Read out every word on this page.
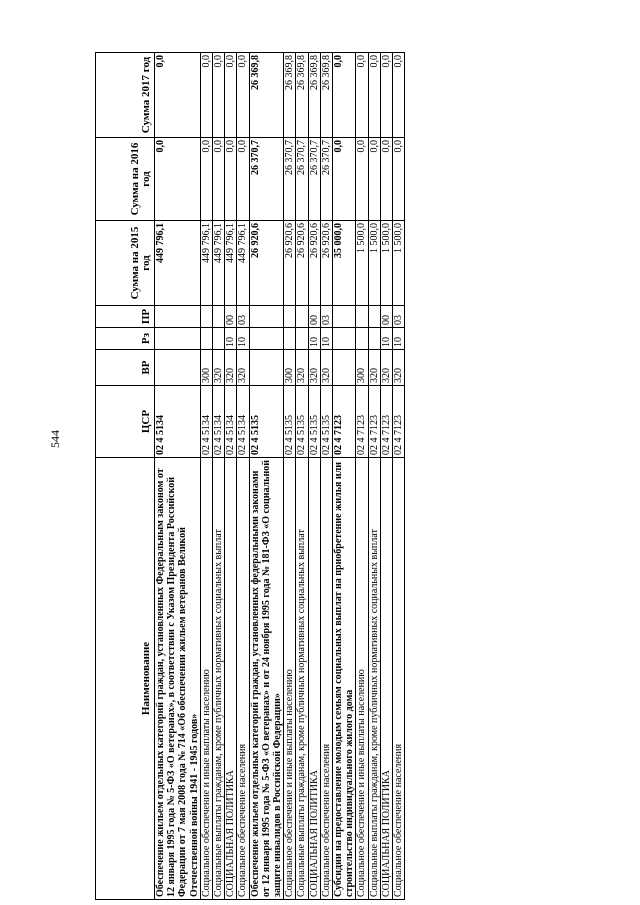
544
Наименование	ЦСР	ВР	Рз	ПР	Сумма на 2015 год	Сумма на 2016 год	Сумма 2017 год
Обеспечение жильем отдельных категорий граждан, установленных Федеральным законом от 12 января 1995 года № 5-ФЗ «О ветеранах», в соответствии с Указом Президента Российской Федерации от 7 мая 2008 года № 714 «Об обеспечении жильем ветеранов Великой Отечественной войны 1941 - 1945 годов»	02 4 5134				449 796,1	0,0	0,0
Социальное обеспечение и иные выплаты населению	02 4 5134	300			449 796,1	0,0	0,0
Социальные выплаты гражданам, кроме публичных нормативных социальных выплат	02 4 5134	320			449 796,1	0,0	0,0
СОЦИАЛЬНАЯ ПОЛИТИКА	02 4 5134	320	10	00	449 796,1	0,0	0,0
Социальное обеспечение населения	02 4 5134	320	10	03	449 796,1	0,0	0,0
Обеспечение жильем отдельных категорий граждан, установленных федеральными законами от 12 января 1995 года № 5-ФЗ «О ветеранах» и от 24 ноября 1995 года № 181-ФЗ «О социальной защите инвалидов в Российской Федерации»	02 4 5135				26 920,6	26 370,7	26 369,8
Социальное обеспечение и иные выплаты населению	02 4 5135	300			26 920,6	26 370,7	26 369,8
Социальные выплаты гражданам, кроме публичных нормативных социальных выплат	02 4 5135	320			26 920,6	26 370,7	26 369,8
СОЦИАЛЬНАЯ ПОЛИТИКА	02 4 5135	320	10	00	26 920,6	26 370,7	26 369,8
Социальное обеспечение населения	02 4 5135	320	10	03	26 920,6	26 370,7	26 369,8
Субсидии на предоставление молодым семьям социальных выплат на приобретение жилья или строительство индивидуального жилого дома	02 4 7123				35 000,0	0,0	0,0
Социальное обеспечение и иные выплаты населению	02 4 7123	300			1 500,0	0,0	0,0
Социальные выплаты гражданам, кроме публичных нормативных социальных выплат	02 4 7123	320			1 500,0	0,0	0,0
СОЦИАЛЬНАЯ ПОЛИТИКА	02 4 7123	320	10	00	1 500,0	0,0	0,0
Социальное обеспечение населения	02 4 7123	320	10	03	1 500,0	0,0	0,0
